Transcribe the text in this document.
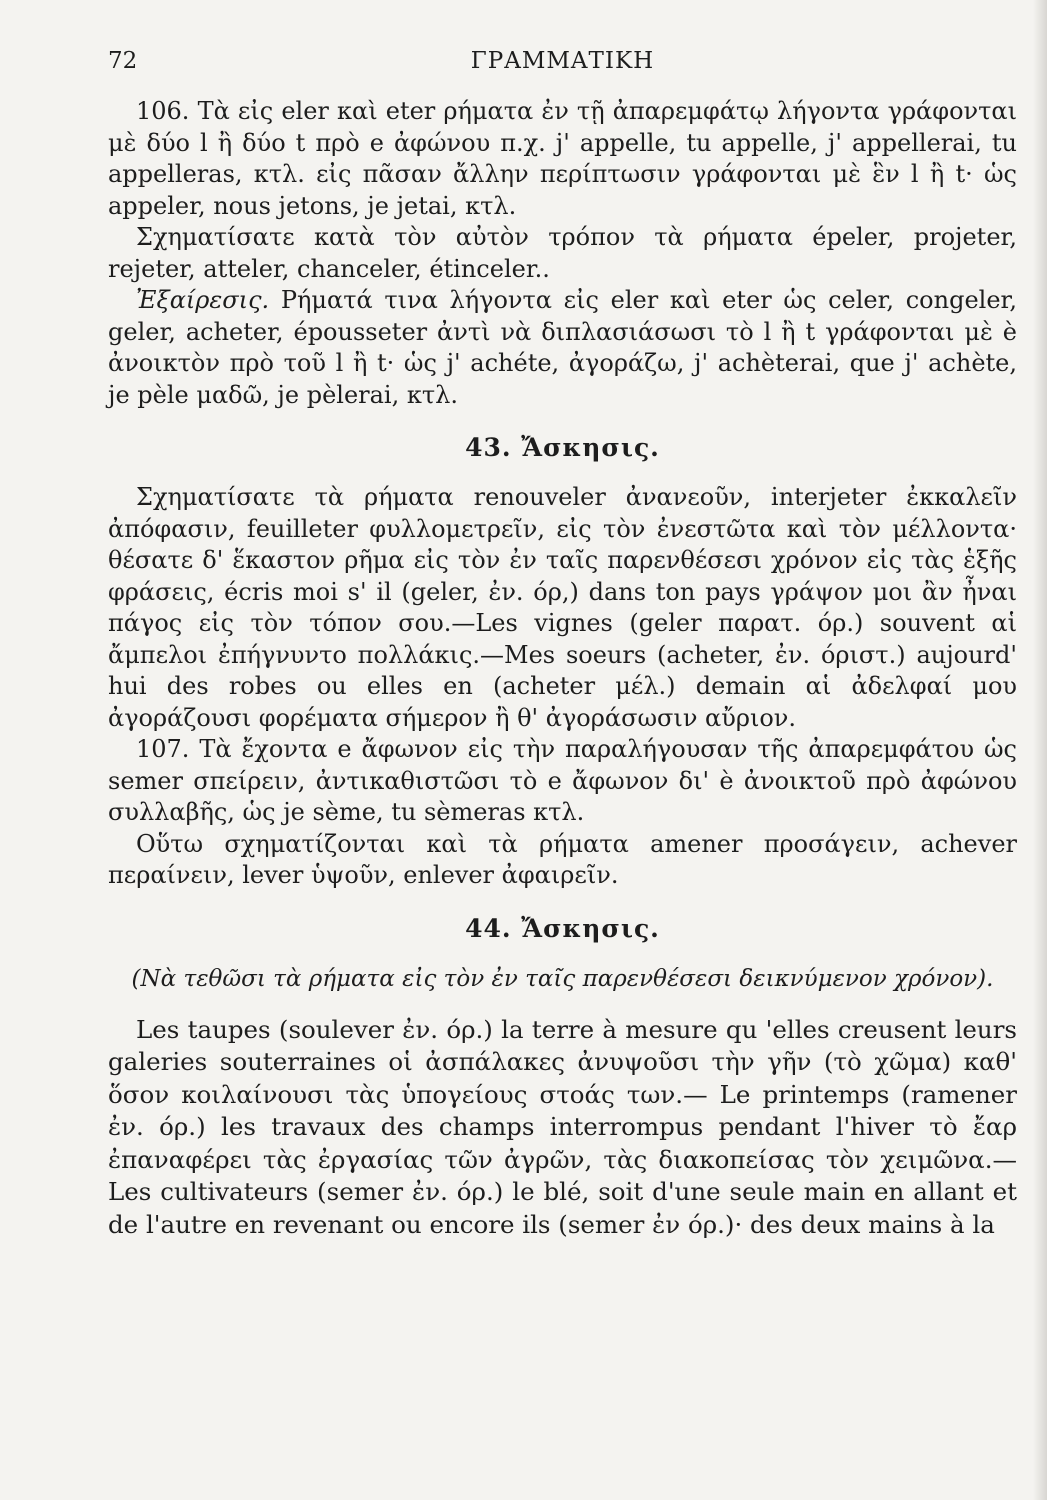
72	ΓΡΑΜΜΑΤΙΚΗ

106. Τὰ εἰς eler καὶ eter ρήματα ἐν τῇ ἀπαρεμφάτῳ λήγοντα γράφονται μὲ δύο l ἢ δύο t πρὸ e ἀφώνου π.χ. j' appelle, tu appelle, j' appellerai, tu appelleras, κτλ. εἰς πᾶσαν ἄλλην περίπτωσιν γράφονται μὲ ἓν l ἢ t· ὡς appeler, nous jetons, je jetai, κτλ.

Σχηματίσατε κατὰ τὸν αὐτὸν τρόπον τὰ ρήματα épeler, projeter, rejeter, atteler, chanceler, étinceler..

Ἐξαίρεσις. Ρήματά τινα λήγοντα εἰς eler καὶ eter ὡς celer, congeler, geler, acheter, épousseter ἀντὶ νὰ διπλασιάσωσι τὸ l ἢ t γράφονται μὲ è ἀνοικτὸν πρὸ τοῦ l ἢ t· ὡς j' achéte, ἀγοράζω, j' achèterai, que j' achète, je pèle μαδῶ, je pèlerai, κτλ.

43. Ἄσκησις.

Σχηματίσατε τὰ ρήματα renouveler ἀνανεοῦν, interjeter ἐκκαλεῖν ἀπόφασιν, feuilleter φυλλομετρεῖν, εἰς τὸν ἐνεστῶτα καὶ τὸν μέλλοντα· θέσατε δ' ἕκαστον ρῆμα εἰς τὸν ἐν ταῖς παρενθέσεσι χρόνον εἰς τὰς ἑξῆς φράσεις, écris moi s' il (geler, ἐν. όρ,) dans ton pays γράψον μοι ἂν ἦναι πάγος εἰς τὸν τόπον σου.—Les vignes (geler παρατ. όρ.) souvent αἱ ἄμπελοι ἐπήγνυντο πολλάκις.—Mes soeurs (acheter, ἐν. όριστ.) aujourd' hui des robes ou elles en (acheter μέλ.) demain αἱ ἀδελφαί μου ἀγοράζουσι φορέματα σήμερον ἢ θ' ἀγοράσωσιν αὔριον.

107. Τὰ ἔχοντα e ἄφωνον εἰς τὴν παραλήγουσαν τῆς ἀπαρεμφάτου ὡς semer σπείρειν, ἀντικαθιστῶσι τὸ e ἄφωνον δι' è ἀνοικτοῦ πρὸ ἀφώνου συλλαβῆς, ὡς je sème, tu sèmeras κτλ.

Οὕτω σχηματίζονται καὶ τὰ ρήματα amener προσάγειν, achever περαίνειν, lever ὑψοῦν, enlever ἀφαιρεῖν.

44. Ἄσκησις.
(Νὰ τεθῶσι τὰ ρήματα εἰς τὸν ἐν ταῖς παρενθέσεσι δεικνύμενον χρόνον).

Les taupes (soulever ἐν. όρ.) la terre à mesure qu 'elles creusent leurs galeries souterraines οἱ ἀσπάλακες ἀνυψοῦσι τὴν γῆν (τὸ χῶμα) καθ' ὅσον κοιλαίνουσι τὰς ὑπογείους στοάς των.— Le printemps (ramener ἐν. όρ.) les travaux des champs interrompus pendant l'hiver τὸ ἔαρ ἐπαναφέρει τὰς ἐργασίας τῶν ἀγρῶν, τὰς διακοπείσας τὸν χειμῶνα.—Les cultivateurs (semer ἐν. όρ.) le blé, soit d'une seule main en allant et de l'autre en revenant ou encore ils (semer ἐν όρ.)· des deux mains à la
